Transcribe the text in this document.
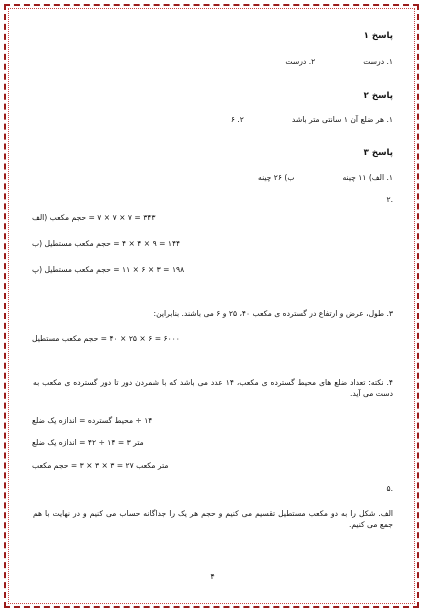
پاسخ ۱
۱. درست۲. درست
پاسخ ۲
۱. هر ضلع آن ۱ سانتی متر باشد۲. ۶
پاسخ ۳
۱. الف) ۱۱ چینهب) ۲۶ چینه
۲.
۳۴۳ = ۷ × ۷ × ۷ = حجم مکعب (الف
۱۴۴ = ۹ × ۴ × ۴ = حجم مکعب مستطیل (ب
۱۹۸ = ۳ × ۶ × ۱۱ = حجم مکعب مستطیل (پ
۳. طول، عرض و ارتفاع در گسترده ی مکعب ۴۰، ۲۵ و ۶ می باشند. بنابراین:
۶۰۰۰ = ۶ × ۲۵ × ۴۰ = حجم مکعب مستطیل
۴. نکته: تعداد ضلع های محیط گسترده ی مکعب، ۱۴ عدد می باشد که با شمردن دور تا دور گسترده ی مکعب به دست می آید.
۱۴ ÷ محیط گسترده = اندازه یک ضلع
متر ۳ = ۱۴ ÷ ۴۲ = اندازه یک ضلع
متر مکعب ۲۷ = ۳ × ۳ × ۳ = حجم مکعب
۵.
الف. شکل را به دو مکعب مستطیل تقسیم می کنیم و حجم هر یک را جداگانه حساب می کنیم و در نهایت با هم جمع می کنیم.
۴
